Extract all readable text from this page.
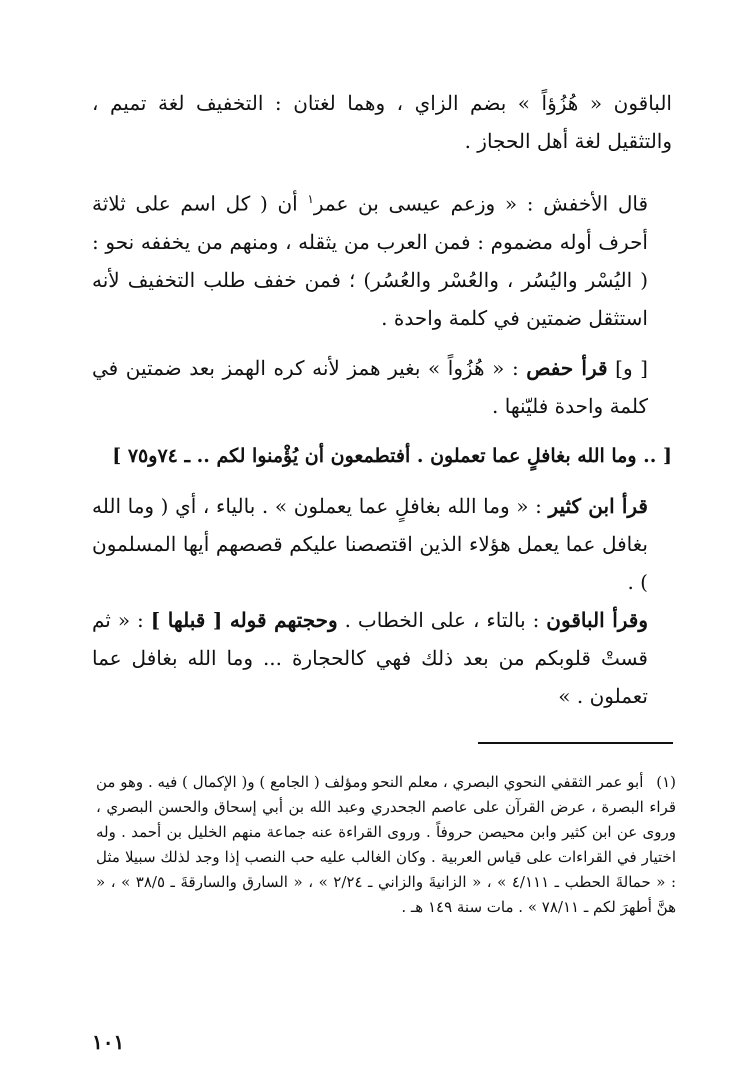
الباقون « هُزُؤاً » بضم الزاي ، وهما لغتان : التخفيف لغة تميم ، والتثقيل لغة أهل الحجاز .

قال الأخفش : « وزعم عيسى بن عمر$^١$ أن ( كل اسم على ثلاثة أحرف أوله مضموم : فمن العرب من يثقله ، ومنهم من يخففه نحو : ( اليُسْر واليُسُر ، والعُسْر والعُسُر) ؛ فمن خفف طلب التخفيف لأنه استثقل ضمتين في كلمة واحدة .

[ و] قرأ حفص : « هُزُواً » بغير همز لأنه كره الهمز بعد ضمتين في كلمة واحدة فليّنها .

[ .. وما الله بغافلٍ عما تعملون . أفتطمعون أن يُؤْمنوا لكم .. ـ ٧٤و٧٥ ]

قرأ ابن كثير : « وما الله بغافلٍ عما يعملون » . بالياء ، أي ( وما الله بغافل عما يعمل هؤلاء الذين اقتصصنا عليكم قصصهم أيها المسلمون ) .

وقرأ الباقون : بالتاء ، على الخطاب . وحجتهم قوله [ قبلها ] : « ثم قستْ قلوبكم من بعد ذلك فهي كالحجارة ... وما الله بغافل عما تعملون . »

(١) أبو عمر الثقفي النحوي البصري ، معلم النحو ومؤلف ( الجامع ) و( الإكمال ) فيه . وهو من قراء البصرة ، عرض القرآن على عاصم الجحدري وعبد الله بن أبي إسحاق والحسن البصري ، وروى عن ابن كثير وابن محيصن حروفاً . وروى القراءة عنه جماعة منهم الخليل بن أحمد . وله اختيار في القراءات على قياس العربية . وكان الغالب عليه حب النصب إذا وجد لذلك سبيلا مثل : « حمالةَ الحطب ـ ٤/١١١ » ، « الزانيةَ والزاني ـ ٢/٢٤ » ، « السارق والسارقةَ ـ ٣٨/٥ » ، « هنَّ أطهرَ لكم ـ ٧٨/١١ » . مات سنة ١٤٩ هـ .
١٠١
